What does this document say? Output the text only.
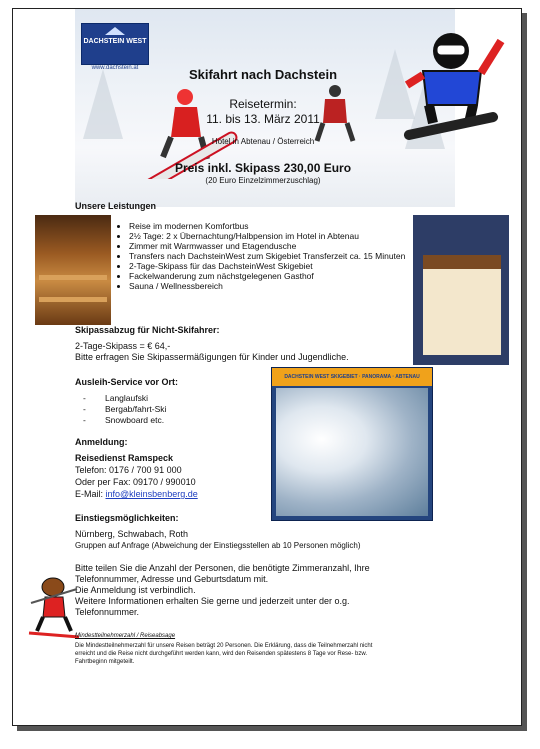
DACHSTEIN WEST
www.dachstein.at	Skifahrt nach Dachstein
Reisetermin:
11. bis 13. März 2011
Hotel in Abtenau / Österreich
Preis inkl. Skipass 230,00 Euro
(20 Euro Einzelzimmerzuschlag)
Unsere Leistungen
• Reise im modernen Komfortbus
• 2½ Tage: 2 x Übernachtung/Halbpension im Hotel in Abtenau
• Zimmer mit Warmwasser und Etagendusche
• Transfers nach DachsteinWest zum Skigebiet Transferzeit ca. 15 Minuten
• 2-Tage-Skipass für das DachsteinWest Skigebiet
• Fackelwanderung zum nächstgelegenen Gasthof
• Sauna / Wellnessbereich
Skipassabzug für Nicht-Skifahrer:
2-Tage-Skipass = € 64,-
Bitte erfragen Sie Skipassermäßigungen für Kinder und Jugendliche.
Ausleih-Service vor Ort:
- Langlaufski
- Bergab/fahrt-Ski
- Snowboard etc.
DACHSTEIN WEST SKIGEBIET · PANORAMA · ABTENAU
Anmeldung:
Reisedienst Ramspeck
Telefon: 0176 / 700 91 000
Oder per Fax: 09170 / 990010
E-Mail: info@kleinsbenberg.de
Einstiegsmöglichkeiten:
Nürnberg, Schwabach, Roth
Gruppen auf Anfrage (Abweichung der Einstiegsstellen ab 10 Personen möglich)
Bitte teilen Sie die Anzahl der Personen, die benötigte Zimmeranzahl, Ihre
Telefonnummer, Adresse und Geburtsdatum mit.
Die Anmeldung ist verbindlich.
Weitere Informationen erhalten Sie gerne und jederzeit unter der o.g.
Telefonnummer.
Mindestteilnehmerzahl / Reiseabsage
Die Mindestteilnehmerzahl für unsere Reisen beträgt 20 Personen. Die Erklärung, dass die Teilnehmerzahl nicht
erreicht und die Reise nicht durchgeführt werden kann, wird den Reisenden spätestens 8 Tage vor Rese- bzw.
Fahrtbeginn mitgeteilt.
